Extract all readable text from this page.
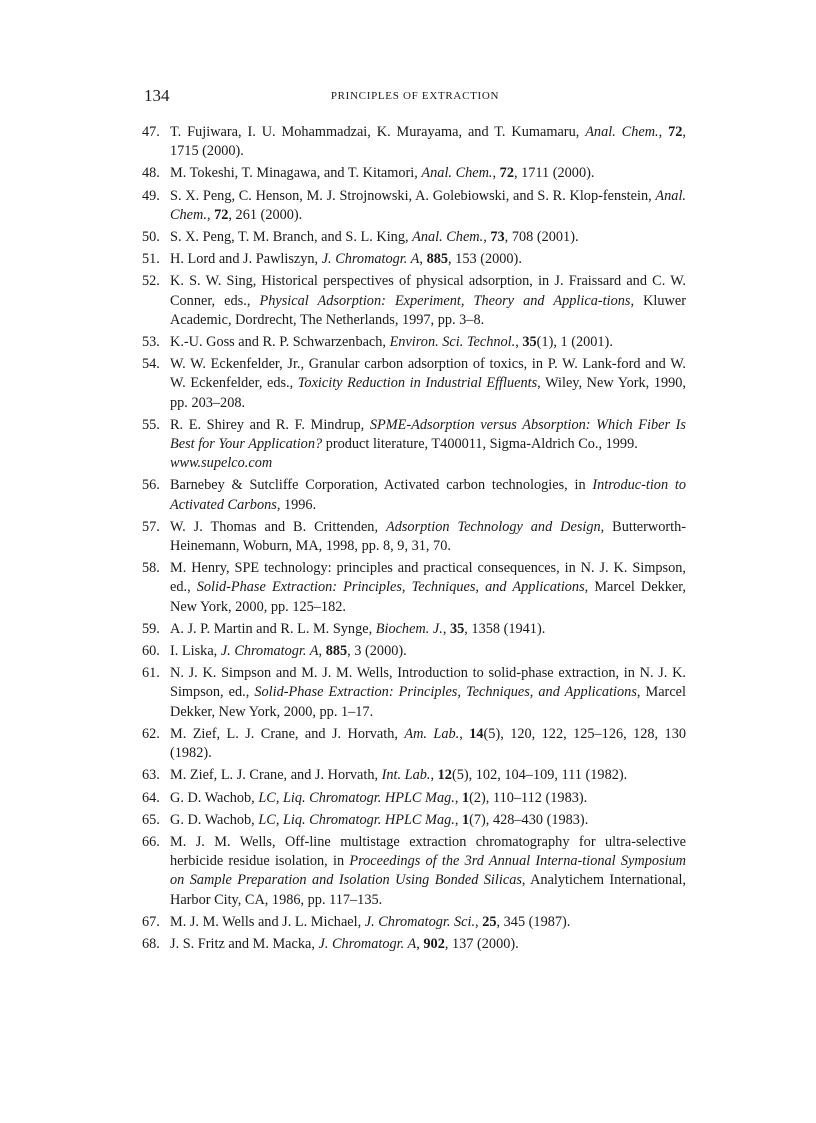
134	PRINCIPLES OF EXTRACTION
47. T. Fujiwara, I. U. Mohammadzai, K. Murayama, and T. Kumamaru, Anal. Chem., 72, 1715 (2000).
48. M. Tokeshi, T. Minagawa, and T. Kitamori, Anal. Chem., 72, 1711 (2000).
49. S. X. Peng, C. Henson, M. J. Strojnowski, A. Golebiowski, and S. R. Klop-fenstein, Anal. Chem., 72, 261 (2000).
50. S. X. Peng, T. M. Branch, and S. L. King, Anal. Chem., 73, 708 (2001).
51. H. Lord and J. Pawliszyn, J. Chromatogr. A, 885, 153 (2000).
52. K. S. W. Sing, Historical perspectives of physical adsorption, in J. Fraissard and C. W. Conner, eds., Physical Adsorption: Experiment, Theory and Applica-tions, Kluwer Academic, Dordrecht, The Netherlands, 1997, pp. 3–8.
53. K.-U. Goss and R. P. Schwarzenbach, Environ. Sci. Technol., 35(1), 1 (2001).
54. W. W. Eckenfelder, Jr., Granular carbon adsorption of toxics, in P. W. Lank-ford and W. W. Eckenfelder, eds., Toxicity Reduction in Industrial Effluents, Wiley, New York, 1990, pp. 203–208.
55. R. E. Shirey and R. F. Mindrup, SPME-Adsorption versus Absorption: Which Fiber Is Best for Your Application? product literature, T400011, Sigma-Aldrich Co., 1999.
www.supelco.com
56. Barnebey & Sutcliffe Corporation, Activated carbon technologies, in Introduc-tion to Activated Carbons, 1996.
57. W. J. Thomas and B. Crittenden, Adsorption Technology and Design, Butterworth-Heinemann, Woburn, MA, 1998, pp. 8, 9, 31, 70.
58. M. Henry, SPE technology: principles and practical consequences, in N. J. K. Simpson, ed., Solid-Phase Extraction: Principles, Techniques, and Applications, Marcel Dekker, New York, 2000, pp. 125–182.
59. A. J. P. Martin and R. L. M. Synge, Biochem. J., 35, 1358 (1941).
60. I. Liska, J. Chromatogr. A, 885, 3 (2000).
61. N. J. K. Simpson and M. J. M. Wells, Introduction to solid-phase extraction, in N. J. K. Simpson, ed., Solid-Phase Extraction: Principles, Techniques, and Applications, Marcel Dekker, New York, 2000, pp. 1–17.
62. M. Zief, L. J. Crane, and J. Horvath, Am. Lab., 14(5), 120, 122, 125–126, 128, 130 (1982).
63. M. Zief, L. J. Crane, and J. Horvath, Int. Lab., 12(5), 102, 104–109, 111 (1982).
64. G. D. Wachob, LC, Liq. Chromatogr. HPLC Mag., 1(2), 110–112 (1983).
65. G. D. Wachob, LC, Liq. Chromatogr. HPLC Mag., 1(7), 428–430 (1983).
66. M. J. M. Wells, Off-line multistage extraction chromatography for ultra-selective herbicide residue isolation, in Proceedings of the 3rd Annual Interna-tional Symposium on Sample Preparation and Isolation Using Bonded Silicas, Analytichem International, Harbor City, CA, 1986, pp. 117–135.
67. M. J. M. Wells and J. L. Michael, J. Chromatogr. Sci., 25, 345 (1987).
68. J. S. Fritz and M. Macka, J. Chromatogr. A, 902, 137 (2000).
